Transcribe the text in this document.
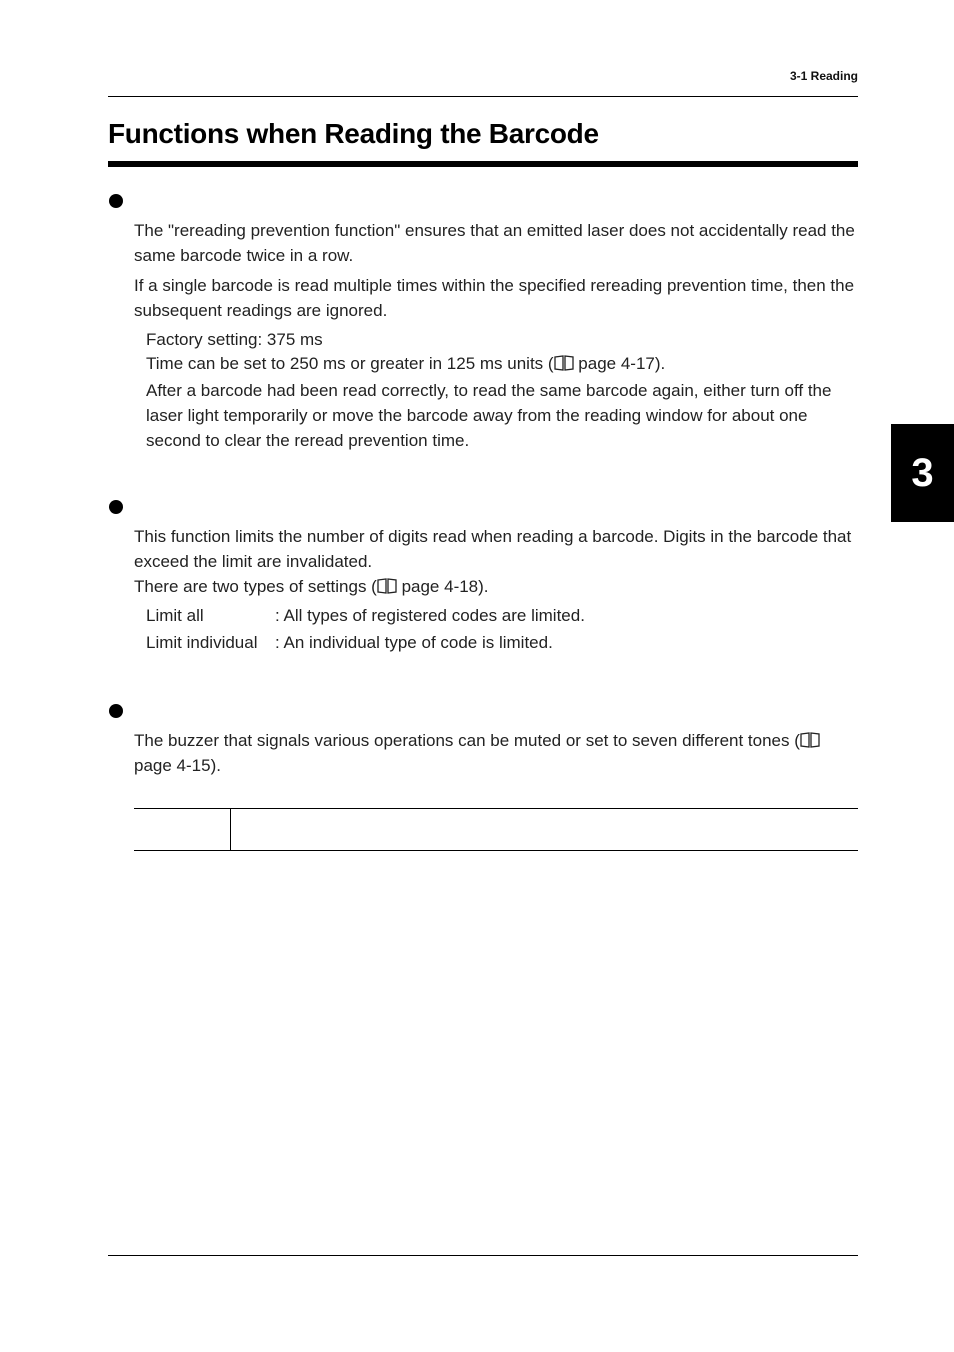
3-1 Reading
Functions when Reading the Barcode

The "rereading prevention function" ensures that an emitted laser does not accidentally read the same barcode twice in a row.

If a single barcode is read multiple times within the specified rereading prevention time, then the subsequent readings are ignored.

Factory setting: 375 ms

Time can be set to 250 ms or greater in 125 ms units ( page 4-17).

After a barcode had been read correctly, to read the same barcode again, either turn off the laser light temporarily or move the barcode away from the reading window for about one second to clear the reread prevention time.

This function limits the number of digits read when reading a barcode. Digits in the barcode that exceed the limit are invalidated.

There are two types of settings ( page 4-18).

Limit all	: All types of registered codes are limited.
Limit individual : An individual type of code is limited.

The buzzer that signals various operations can be muted or set to seven different tones ( page 4-15).

3
